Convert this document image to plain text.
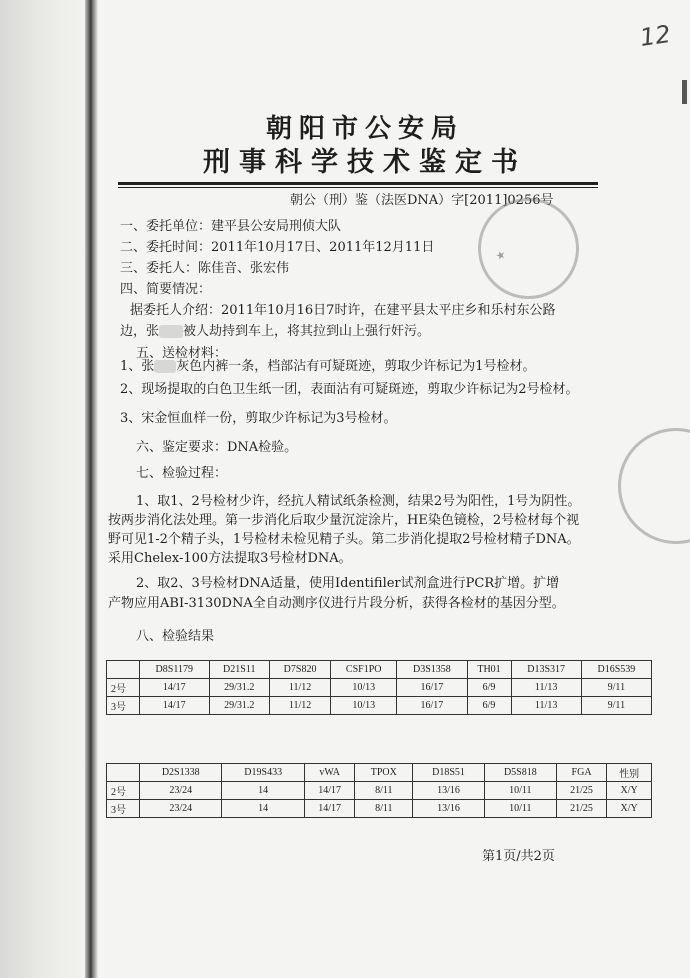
12
朝阳市公安局
刑事科学技术鉴定书
朝公（刑）鉴（法医DNA）字[2011]0256号
★
一、委托单位：建平县公安局刑侦大队
二、委托时间：2011年10月17日、2011年12月11日
三、委托人：陈佳音、张宏伟
四、简要情况：
据委托人介绍：2011年10月16日7时许，在建平县太平庄乡和乐村东公路
边，张 被人劫持到车上，将其拉到山上强行奸污。
五、送检材料：
1、张 灰色内裤一条，档部沾有可疑斑迹，剪取少许标记为1号检材。
2、现场提取的白色卫生纸一团，表面沾有可疑斑迹，剪取少许标记为2号检材。
3、宋金恒血样一份，剪取少许标记为3号检材。
六、鉴定要求：DNA检验。
七、检验过程：
1、取1、2号检材少许，经抗人精试纸条检测，结果2号为阳性，1号为阴性。
按两步消化法处理。第一步消化后取少量沉淀涂片，HE染色镜检，2号检材每个视
野可见1-2个精子头，1号检材未检见精子头。第二步消化提取2号检材精子DNA。
采用Chelex-100方法提取3号检材DNA。
2、取2、3号检材DNA适量，使用Identifiler试剂盒进行PCR扩增。扩增
产物应用ABI-3130DNA全自动测序仪进行片段分析，获得各检材的基因分型。
八、检验结果
	D8S1179	D21S11	D7S820	CSF1PO	D3S1358	TH01	D13S317	D16S539
2号	14/17	29/31.2	11/12	10/13	16/17	6/9	11/13	9/11
3号	14/17	29/31.2	11/12	10/13	16/17	6/9	11/13	9/11
	D2S1338	D19S433	vWA	TPOX	D18S51	D5S818	FGA	性别
2号	23/24	14	14/17	8/11	13/16	10/11	21/25	X/Y
3号	23/24	14	14/17	8/11	13/16	10/11	21/25	X/Y
第1页/共2页
